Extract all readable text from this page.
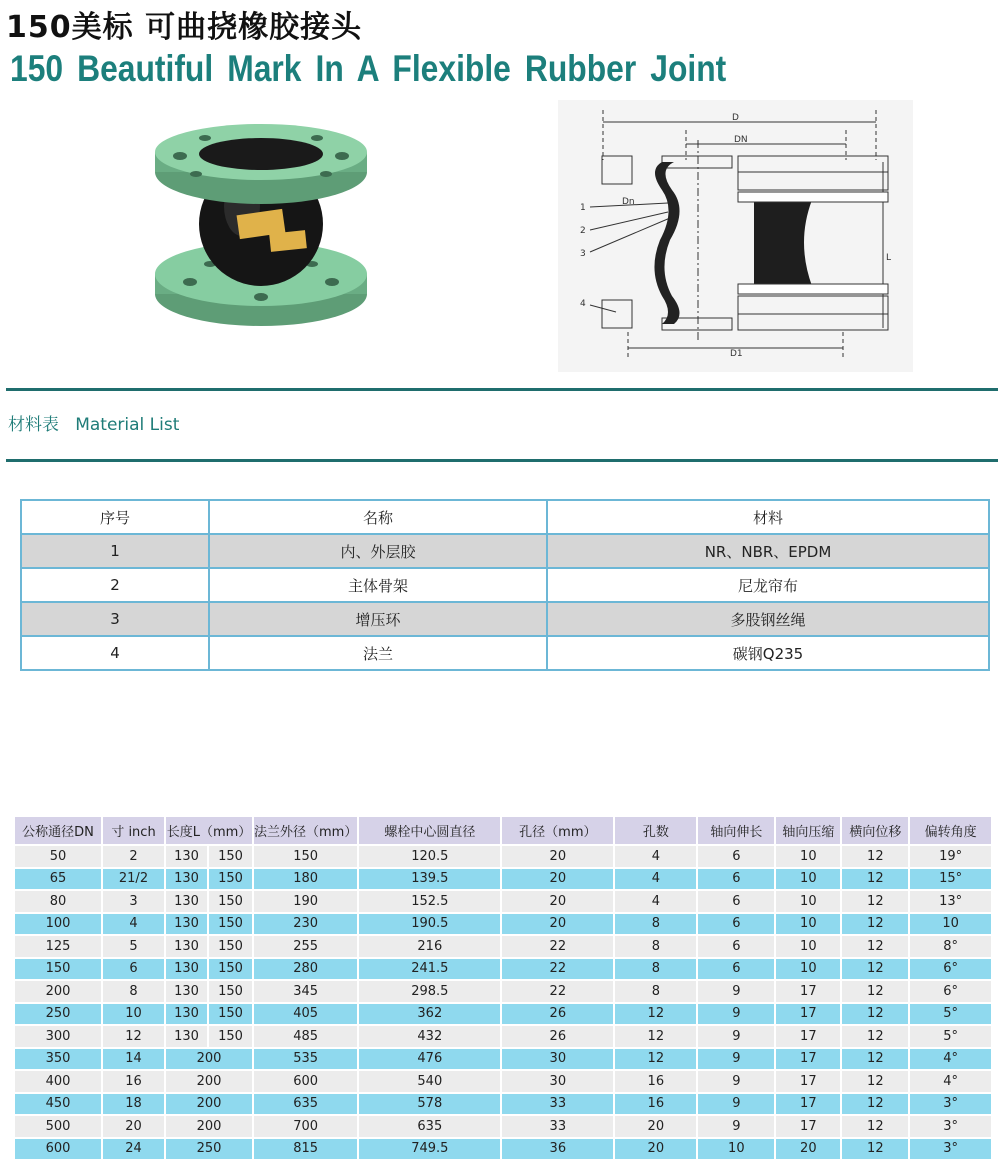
150美标 可曲挠橡胶接头
150 Beautiful Mark In A Flexible Rubber Joint
D
DN
Dn
L
D1
1
2
3
4
材料表   Material List
序号	名称	材料
1	内、外层胶	NR、NBR、EPDM
2	主体骨架	尼龙帘布
3	增压环	多股钢丝绳
4	法兰	碳钢Q235
公称通径DN	寸 inch	长度L（mm）		法兰外径（mm）	螺栓中心圆直径	孔径（mm）	孔数	轴向伸长	轴向压缩	横向位移	偏转角度
50	2	130	150	150	120.5	20	4	6	10	12	19°
65	21/2	130	150	180	139.5	20	4	6	10	12	15°
80	3	130	150	190	152.5	20	4	6	10	12	13°
100	4	130	150	230	190.5	20	8	6	10	12	10
125	5	130	150	255	216	22	8	6	10	12	8°
150	6	130	150	280	241.5	22	8	6	10	12	6°
200	8	130	150	345	298.5	22	8	9	17	12	6°
250	10	130	150	405	362	26	12	9	17	12	5°
300	12	130	150	485	432	26	12	9	17	12	5°
350	14	200		535	476	30	12	9	17	12	4°
400	16	200		600	540	30	16	9	17	12	4°
450	18	200		635	578	33	16	9	17	12	3°
500	20	200		700	635	33	20	9	17	12	3°
600	24	250		815	749.5	36	20	10	20	12	3°
